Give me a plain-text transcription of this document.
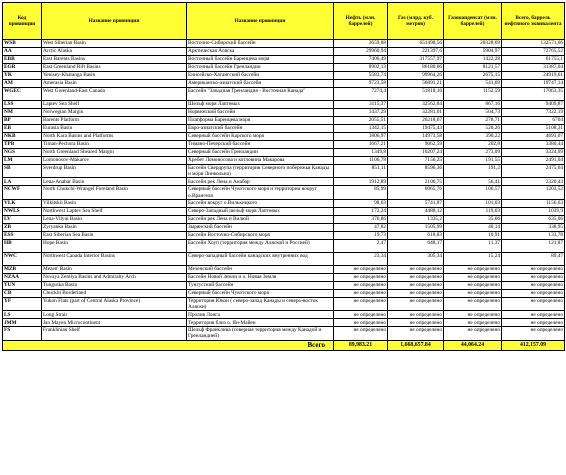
Код провинции	Название провинции	Название провинции	Нефть (млн. баррелей)	Газ (млрд. куб. метров)	Газоконденсат (млн. баррелей)	Всего, баррель нефтяного эквивалента
WSB	West Siberian Basin	Восточно-Сибирский бассейн	3659,88	651498,56	20328,69	132571,66
AA	Arctic Alaska	Арктическая Аляска	29960,94	221397,6	5904,97	72765,52
EBB	East Barents Basins	Восточный бассейн Баренцева моря	7406,49	317557,97	1422,28	61755,1
EGR	East Greenland Rift Basins	Восточный бассейн Гренландии	8902,13	86180,06	8121,57	31387,04
YK	Yenisey-Khatanga Basin	Енисейско-Хатангский бассейн	5583,74	99964,26	2675,15	24919,61
AM	Amerasia Basin	Американско-азиатский бассейн	9723,58	56891,21	541,69	19747,14
WGEC	West Greenland-East Canada	Бассейн "Западная Гренландия - Восточная Канада"	7274,4	51818,16	1152,59	17063,35
LSS	Laptev Sea Shelf	Шельф моря Лаптевых	3115,37	32562,84	867,16	9409,87
NM	Norwegian Margin	Норвежский бассейн	1437,29	32281,01	504,73	7322,19
BP	Barents Platform	Платформа Баренцева моря	2055,51	26218,67	278,71	6704
EB	Eurasia Basin	Евро-азиатский бассейн	1342,15	19475,43	520,26	5108,31
NKB	North Kara Basins and Platforms	Северный бассейн Карского моря	1806,97	14973,58	390,22	4693,07
TPB	Timan-Pechora Basin	Тимано-Печерский бассейн	1667,21	9062,59	202,8	3380,44
NGS	North Greenland Sheared Margin	Северный бассейн Гренландии	1349,8	10207,24	273,09	3324,09
LM	Lomonosov-Makarov	Хребет Ломоносова и котловина Макарова	1106,78	7156,25	191,55	2491,04
SB	Sverdrup Basin	Бассейн Свердрупа (территория Северного побережья Канады и моря Линкольна)	851,11	8596,36	191,2	2475,04
LA	Lena-Anabar Basin	Бассейн рек Лена и Анабар	1912,89	2106,75	56,41	2320,43
NCWF	North Chukchi-Wrangel Foreland Basin	Северный бассейн Чукотского моря и территории вокруг о.Врангеля	85,99	6065,76	106,57	1203,52
VLK	Vilkitskii Basin	Бассейн вокруг о.Вилькицкого	98,03	5741,87	101,63	1156,63
NWLS	Northwest Laptev Sea Shelf	Северо-Западный шельф моря Лаптевых	172,24	4488,12	119,63	1039,9
LV	Lena-Vilyui Basin	Бассейн рек Лена и Вилюй	376,86	1335,2	35,66	635,06
ZB	Zyryanka Basin	Зырянский бассейн	47,82	1505,99	40,14	338,95
ESS	East Siberian Sea Basin	Бассейн Восточно-Сибирского моря	19,73	618,83	10,91	133,78
HB	Hope Basin	Бассейн Хоуп (территория между Аляской и Россией)	2,47	648,17	11,37	121,87
NWC	Northwest Canada Interior Basins	Северо-западный бассейн канадских внутренних вод	23,34	305,34	15,24	89,47
MZB	Mezen' Basin	Мезенский бассейн	не определено	не определено	не определено	не определено
NZAA	Novaya Zemlya Basins and Admiralty Arch	Бассейн Новой Земли и о. Новая Земля	не определено	не определено	не определено	не определено
TUN	Tunguska Basin	Тунгусский бассейн	не определено	не определено	не определено	не определено
CB	Chuckhi Borderland	Северный бассейн Чукотского моря	не определено	не определено	не определено	не определено
YF	Yukon Flats (part of Central Alaska Province)	Территория Юкон ( северо-запад Канады и северо-восток Аляски)	не определено	не определено	не определено	не определено
LS	Long Strait	Пролив Лонга	не определено	не определено	не определено	не определено
JMM	Jan Mayen Microcontinent	Территория близ о. Ян-Майен	не определено	не определено	не определено	не определено
FS	Franklinian Shelf	Шельф Франклина (северная территория между Канадой и Гренландией)	не определено	не определено	не определено	не определено
Всего			89,983.21	1,668,657.84	44,064.24	412,157.09
